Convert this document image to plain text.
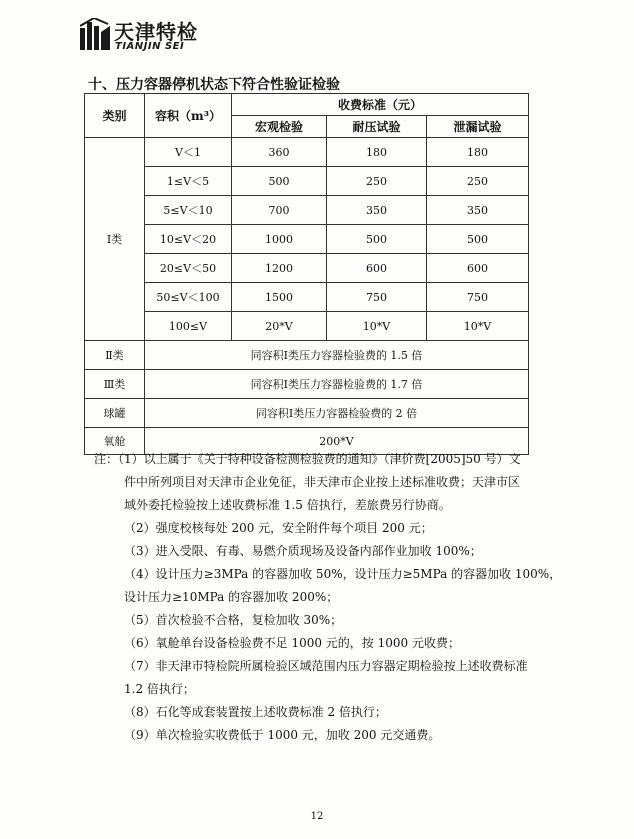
天津特检
TIANJIN SEI
十、压力容器停机状态下符合性验证检验
类别	容积（m³）	收费标准（元）		
		宏观检验	耐压试验	泄漏试验
Ⅰ类	V＜1	360	180	180
	1≤V＜5	500	250	250
	5≤V＜10	700	350	350
	10≤V＜20	1000	500	500
	20≤V＜50	1200	600	600
	50≤V＜100	1500	750	750
	100≤V	20*V	10*V	10*V
Ⅱ类	同容积Ⅰ类压力容器检验费的 1.5 倍			
Ⅲ类	同容积Ⅰ类压力容器检验费的 1.7 倍			
球罐	同容积Ⅰ类压力容器检验费的 2 倍			
氧舱	200*V			
注：（1）以上属于《关于特种设备检测检验费的通知》（津价费[2005]50 号）文
件中所列项目对天津市企业免征，非天津市企业按上述标准收费；天津市区
域外委托检验按上述收费标准 1.5 倍执行，差旅费另行协商。
（2）强度校核每处 200 元，安全附件每个项目 200 元；
（3）进入受限、有毒、易燃介质现场及设备内部作业加收 100%；
（4）设计压力≥3MPa 的容器加收 50%，设计压力≥5MPa 的容器加收 100%，
设计压力≥10MPa 的容器加收 200%；
（5）首次检验不合格，复检加收 30%；
（6）氧舱单台设备检验费不足 1000 元的，按 1000 元收费；
（7）非天津市特检院所属检验区域范围内压力容器定期检验按上述收费标准
1.2 倍执行；
（8）石化等成套装置按上述收费标准 2 倍执行；
（9）单次检验实收费低于 1000 元，加收 200 元交通费。
12
